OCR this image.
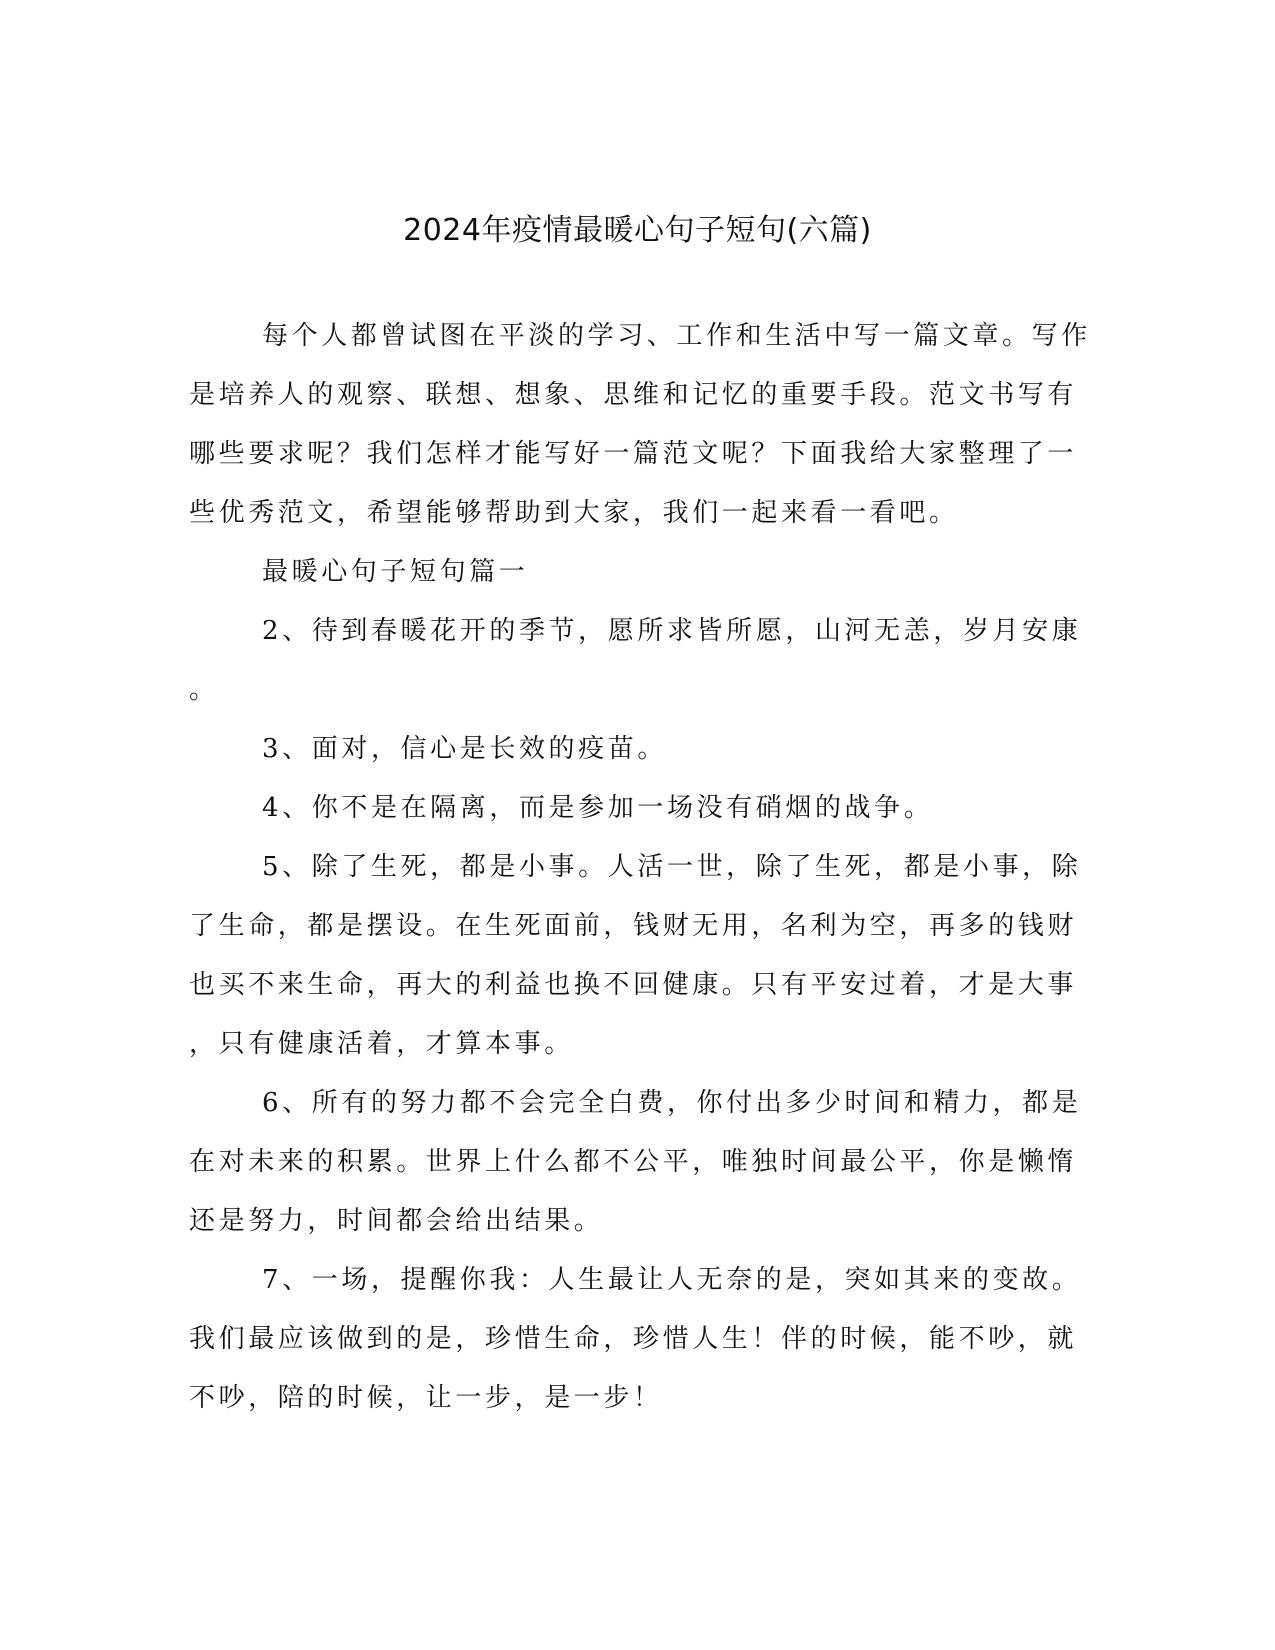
2024年疫情最暖心句子短句(六篇)

每个人都曾试图在平淡的学习、工作和生活中写一篇文章。写作

是培养人的观察、联想、想象、思维和记忆的重要手段。范文书写有

哪些要求呢？我们怎样才能写好一篇范文呢？下面我给大家整理了一

些优秀范文，希望能够帮助到大家，我们一起来看一看吧。

最暖心句子短句篇一

2、待到春暖花开的季节，愿所求皆所愿，山河无恙，岁月安康

。

3、面对，信心是长效的疫苗。

4、你不是在隔离，而是参加一场没有硝烟的战争。

5、除了生死，都是小事。人活一世，除了生死，都是小事，除

了生命，都是摆设。在生死面前，钱财无用，名利为空，再多的钱财

也买不来生命，再大的利益也换不回健康。只有平安过着，才是大事

，只有健康活着，才算本事。

6、所有的努力都不会完全白费，你付出多少时间和精力，都是

在对未来的积累。世界上什么都不公平，唯独时间最公平，你是懒惰

还是努力，时间都会给出结果。

7、一场，提醒你我：人生最让人无奈的是，突如其来的变故。

我们最应该做到的是，珍惜生命，珍惜人生！伴的时候，能不吵，就

不吵，陪的时候，让一步，是一步！
